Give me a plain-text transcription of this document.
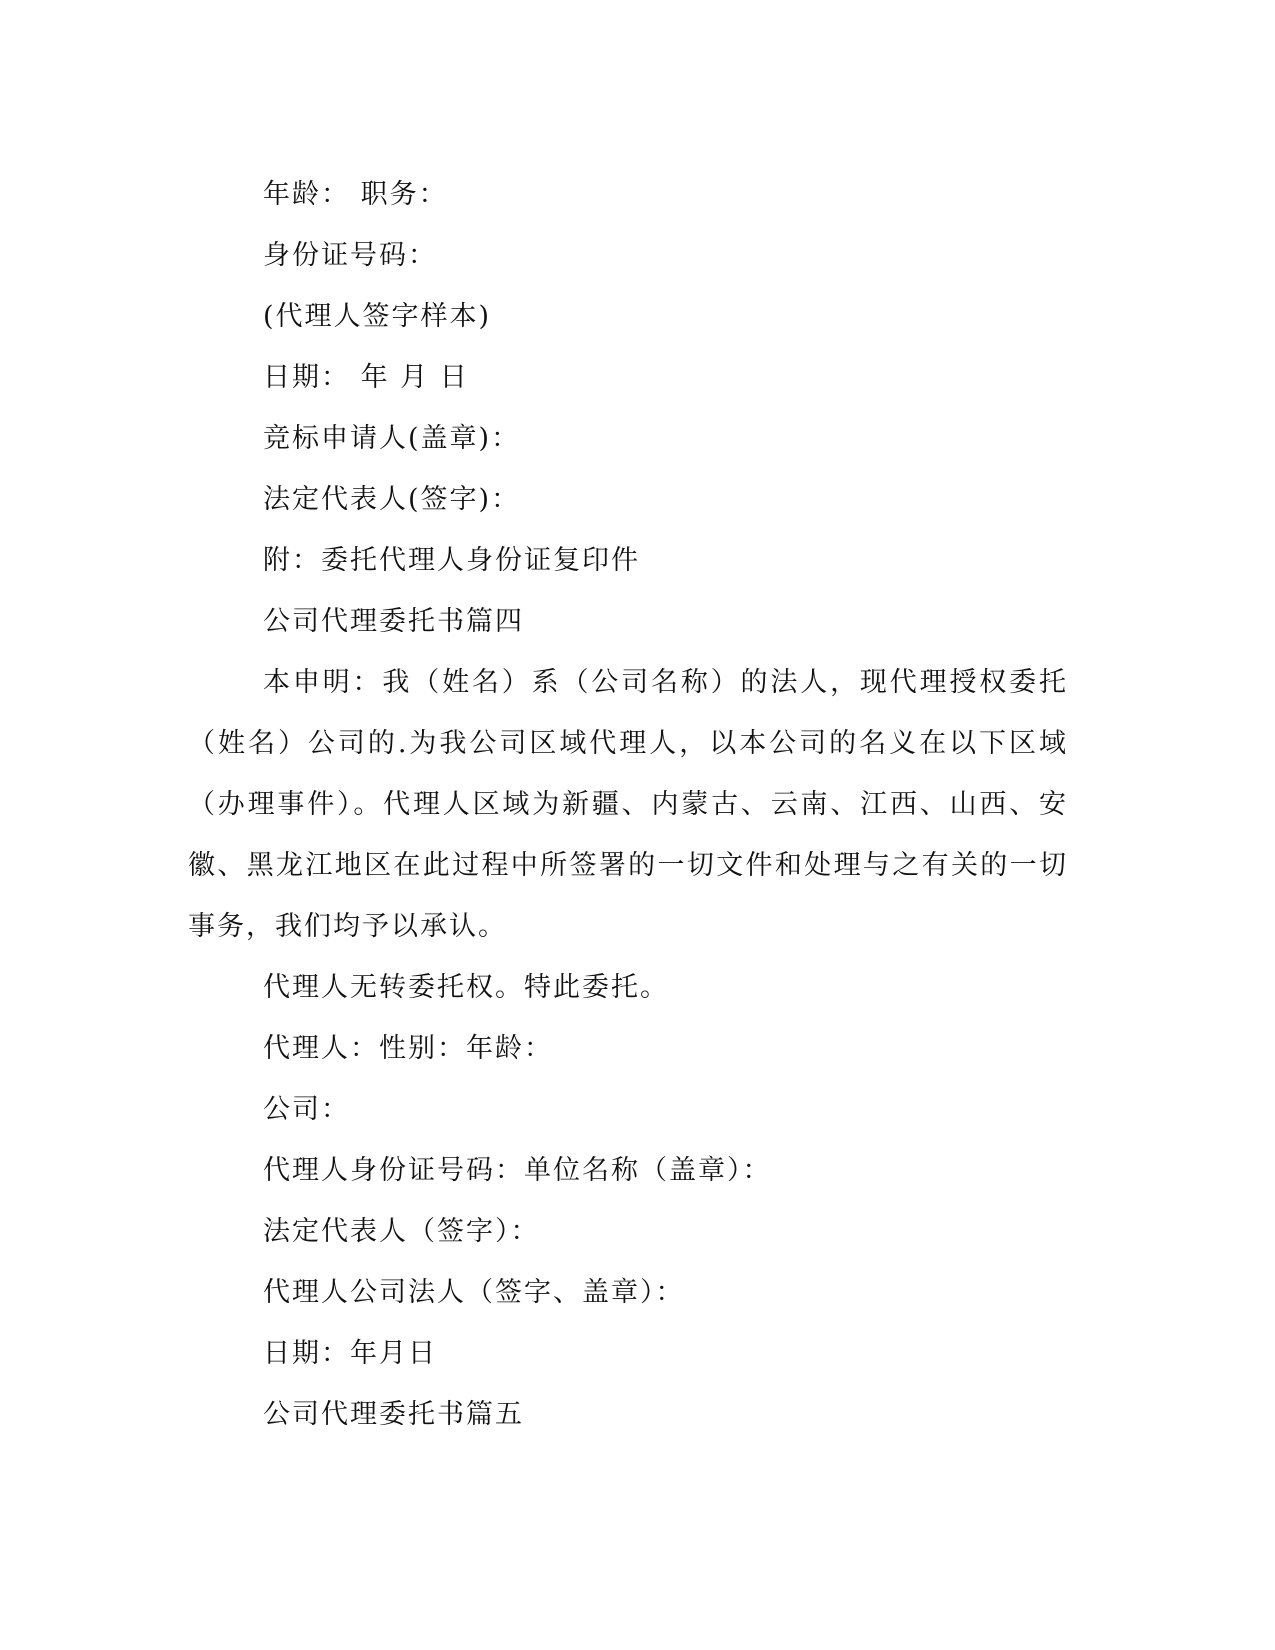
年龄： 职务：
身份证号码：
(代理人签字样本)
日期： 年 月 日
竞标申请人(盖章)：
法定代表人(签字)：
附：委托代理人身份证复印件
公司代理委托书篇四

本申明：我（姓名）系（公司名称）的法人，现代理授权委托（姓名）公司的.为我公司区域代理人，以本公司的名义在以下区域（办理事件）。代理人区域为新疆、内蒙古、云南、江西、山西、安徽、黑龙江地区在此过程中所签署的一切文件和处理与之有关的一切事务，我们均予以承认。

代理人无转委托权。特此委托。
代理人：性别：年龄：
公司：
代理人身份证号码：单位名称（盖章）：
法定代表人（签字）：
代理人公司法人（签字、盖章）：
日期：年月日
公司代理委托书篇五
